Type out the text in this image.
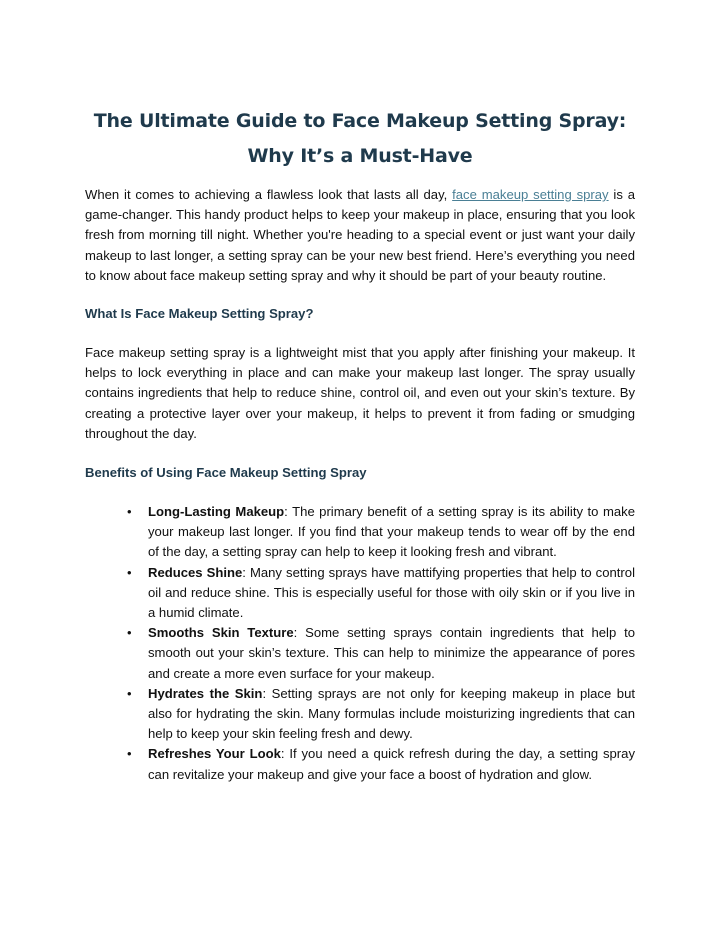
The Ultimate Guide to Face Makeup Setting Spray: Why It’s a Must-Have

When it comes to achieving a flawless look that lasts all day, face makeup setting spray is a game-changer. This handy product helps to keep your makeup in place, ensuring that you look fresh from morning till night. Whether you're heading to a special event or just want your daily makeup to last longer, a setting spray can be your new best friend. Here’s everything you need to know about face makeup setting spray and why it should be part of your beauty routine.

What Is Face Makeup Setting Spray?

Face makeup setting spray is a lightweight mist that you apply after finishing your makeup. It helps to lock everything in place and can make your makeup last longer. The spray usually contains ingredients that help to reduce shine, control oil, and even out your skin’s texture. By creating a protective layer over your makeup, it helps to prevent it from fading or smudging throughout the day.

Benefits of Using Face Makeup Setting Spray
• Long-Lasting Makeup: The primary benefit of a setting spray is its ability to make your makeup last longer. If you find that your makeup tends to wear off by the end of the day, a setting spray can help to keep it looking fresh and vibrant.
• Reduces Shine: Many setting sprays have mattifying properties that help to control oil and reduce shine. This is especially useful for those with oily skin or if you live in a humid climate.
• Smooths Skin Texture: Some setting sprays contain ingredients that help to smooth out your skin’s texture. This can help to minimize the appearance of pores and create a more even surface for your makeup.
• Hydrates the Skin: Setting sprays are not only for keeping makeup in place but also for hydrating the skin. Many formulas include moisturizing ingredients that can help to keep your skin feeling fresh and dewy.
• Refreshes Your Look: If you need a quick refresh during the day, a setting spray can revitalize your makeup and give your face a boost of hydration and glow.
